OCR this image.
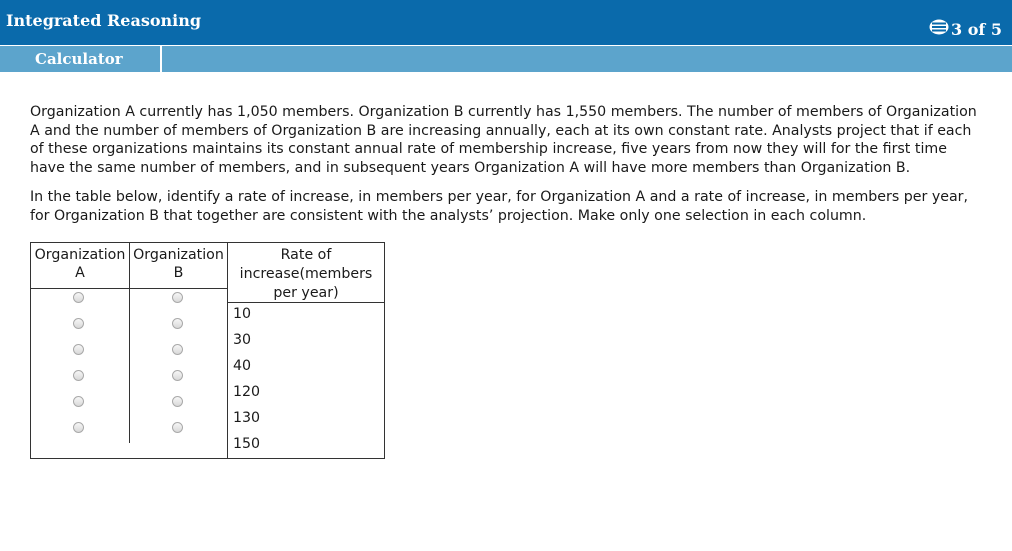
Integrated Reasoning	3 of 5
Calculator

Organization A currently has 1,050 members. Organization B currently has 1,550 members. The number of members of Organization A and the number of members of Organization B are increasing annually, each at its own constant rate. Analysts project that if each of these organizations maintains its constant annual rate of membership increase, five years from now they will for the first time have the same number of members, and in subsequent years Organization A will have more members than Organization B.

In the table below, identify a rate of increase, in members per year, for Organization A and a rate of increase, in members per year, for Organization B that together are consistent with the analysts’ projection. Make only one selection in each column.

Organization A
Organization B
Rate of increase(members per year)
10
30
40
120
130
150
